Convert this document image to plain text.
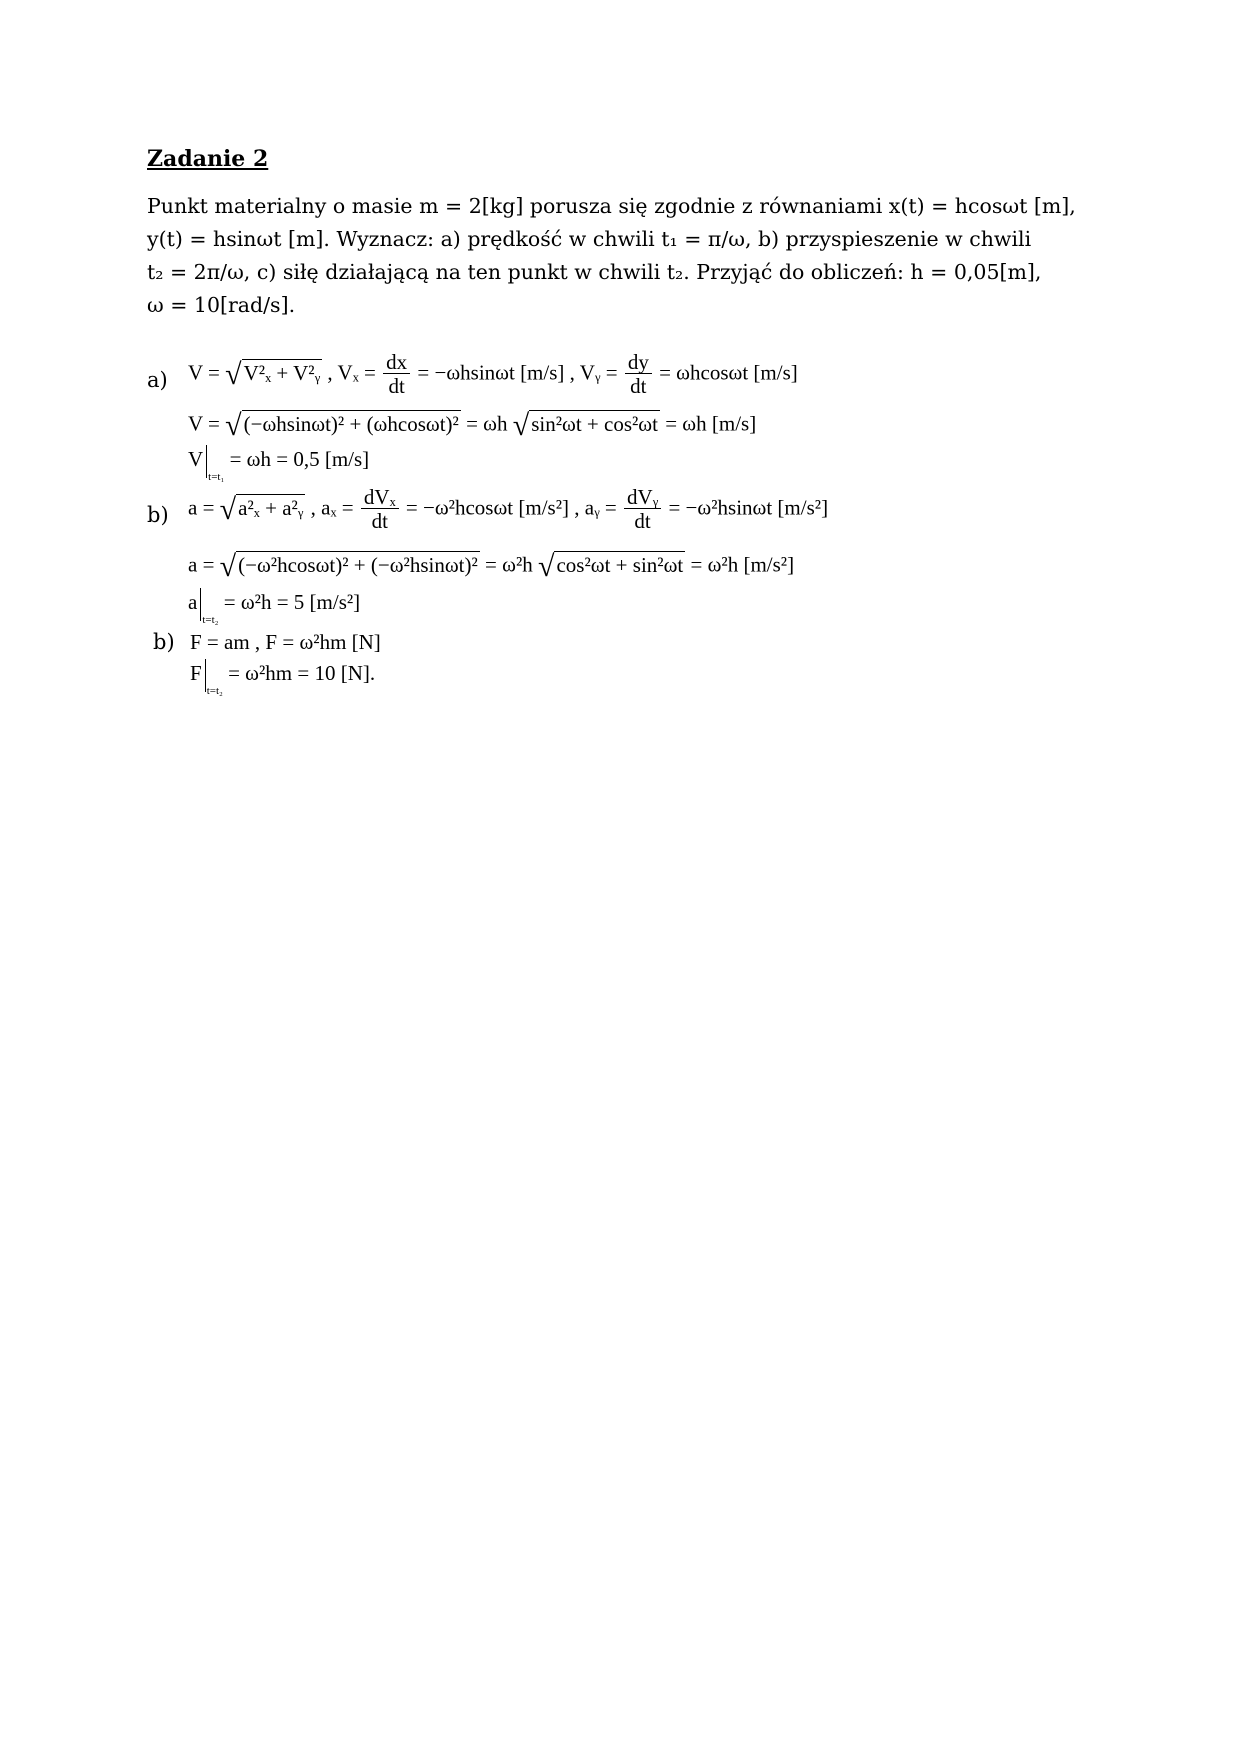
Zadanie 2

Punkt materialny o masie m = 2[kg] porusza się zgodnie z równaniami x(t) = hcosωt [m],

y(t) = hsinωt [m]. Wyznacz: a) prędkość w chwili t₁ = π/ω, b) przyspieszenie w chwili

t₂ = 2π/ω, c) siłę działającą na ten punkt w chwili t₂. Przyjąć do obliczeń: h = 0,05[m],

ω = 10[rad/s].

a) V = √V²ₓ + V²ᵧ , $V_x = \frac{dx}{dt} = -\omega hsin\omega t$ [m/s] , Vᵧ = $\frac{dy}{dt} = \omega hcos\omega t$ [m/s]
V = √(−ωhsinωt)² + (ωhcosωt)² = ωh √sin²ωt + cos²ωt = ωh [m/s]
$V_{t=t_1} = \omega h = 0,5$ [m/s]
b) a = √a²ₓ + a²ᵧ , $a_x = \frac{\text{dVₓ}}{dt} = -\omega^2hcos\omega t$ [m/s²] , aᵧ = $\frac{\text{dVᵧ}}{dt} = -\omega^2hsin\omega t$ [m/s²]
a = √(−ω²hcosωt)² + (−ω²hsinωt)² = ω²h √cos²ωt + sin²ωt = ω²h [m/s²]
$a_{t=t_2} = \omega^2h = 5$ [m/s²]
b) F = am , F = ω²hm [N]
$F_{t=t_2} = \omega^2hm = 10$ [N].
